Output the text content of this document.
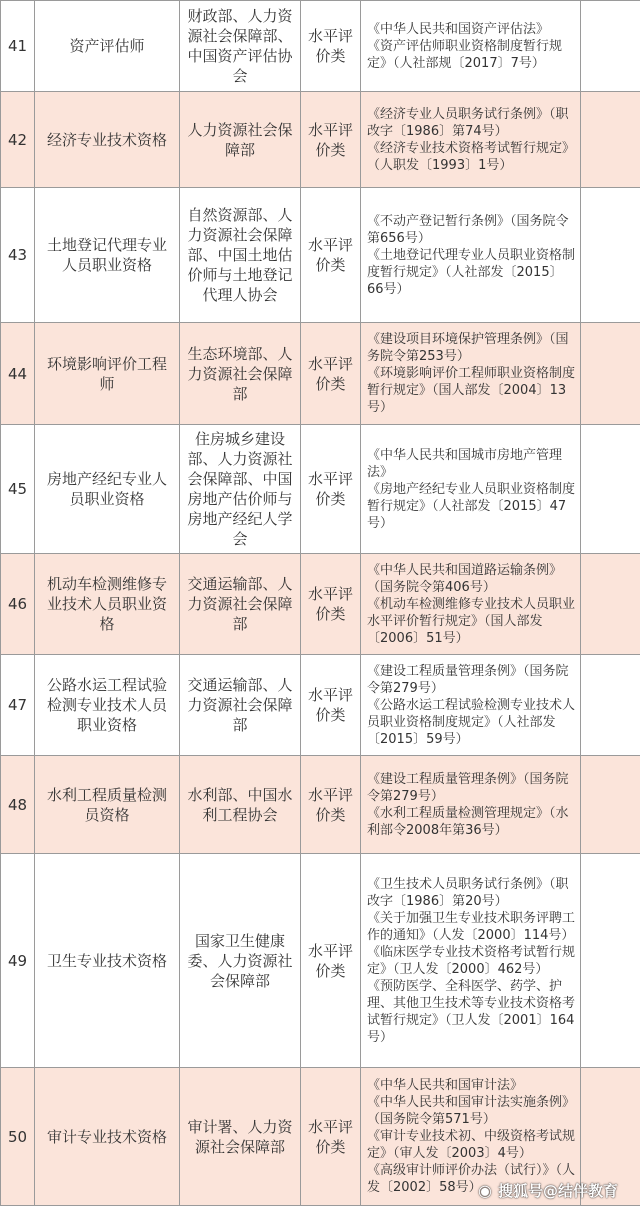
41	资产评估师	财政部、人力资源社会保障部、中国资产评估协会	水平评价类	《中华人民共和国资产评估法》
《资产评估师职业资格制度暂行规定》（人社部规〔2017〕7号）	

42	经济专业技术资格	人力资源社会保障部	水平评价类	《经济专业人员职务试行条例》（职改字〔1986〕第74号）
《经济专业技术资格考试暂行规定》（人职发〔1993〕1号）	

43	土地登记代理专业人员职业资格	自然资源部、人力资源社会保障部、中国土地估价师与土地登记代理人协会	水平评价类	《不动产登记暂行条例》（国务院令第656号）
《土地登记代理专业人员职业资格制度暂行规定》（人社部发〔2015〕66号）	

44	环境影响评价工程师	生态环境部、人力资源社会保障部	水平评价类	《建设项目环境保护管理条例》（国务院令第253号）
《环境影响评价工程师职业资格制度暂行规定》（国人部发〔2004〕13号）	

45	房地产经纪专业人员职业资格	住房城乡建设部、人力资源社会保障部、中国房地产估价师与房地产经纪人学会	水平评价类	《中华人民共和国城市房地产管理法》
《房地产经纪专业人员职业资格制度暂行规定》（人社部发〔2015〕47号）	

46	机动车检测维修专业技术人员职业资格	交通运输部、人力资源社会保障部	水平评价类	《中华人民共和国道路运输条例》（国务院令第406号）
《机动车检测维修专业技术人员职业水平评价暂行规定》（国人部发〔2006〕51号）	

47	公路水运工程试验检测专业技术人员职业资格	交通运输部、人力资源社会保障部	水平评价类	《建设工程质量管理条例》（国务院令第279号）
《公路水运工程试验检测专业技术人员职业资格制度规定》（人社部发〔2015〕59号）	

48	水利工程质量检测员资格	水利部、中国水利工程协会	水平评价类	《建设工程质量管理条例》（国务院令第279号）
《水利工程质量检测管理规定》（水利部令2008年第36号）	

49	卫生专业技术资格	国家卫生健康委、人力资源社会保障部	水平评价类	《卫生技术人员职务试行条例》（职改字〔1986〕第20号）
《关于加强卫生专业技术职务评聘工作的通知》（人发〔2000〕114号）
《临床医学专业技术资格考试暂行规定》（卫人发〔2000〕462号）
《预防医学、全科医学、药学、护理、其他卫生技术等专业技术资格考试暂行规定》（卫人发〔2001〕164号）	

50	审计专业技术资格	审计署、人力资源社会保障部	水平评价类	《中华人民共和国审计法》
《中华人民共和国审计法实施条例》（国务院令第571号）
《审计专业技术初、中级资格考试规定》（审人发〔2003〕4号）
《高级审计师评价办法（试行）》（人发〔2002〕58号）	

◉ 搜狐号@结伴教育
